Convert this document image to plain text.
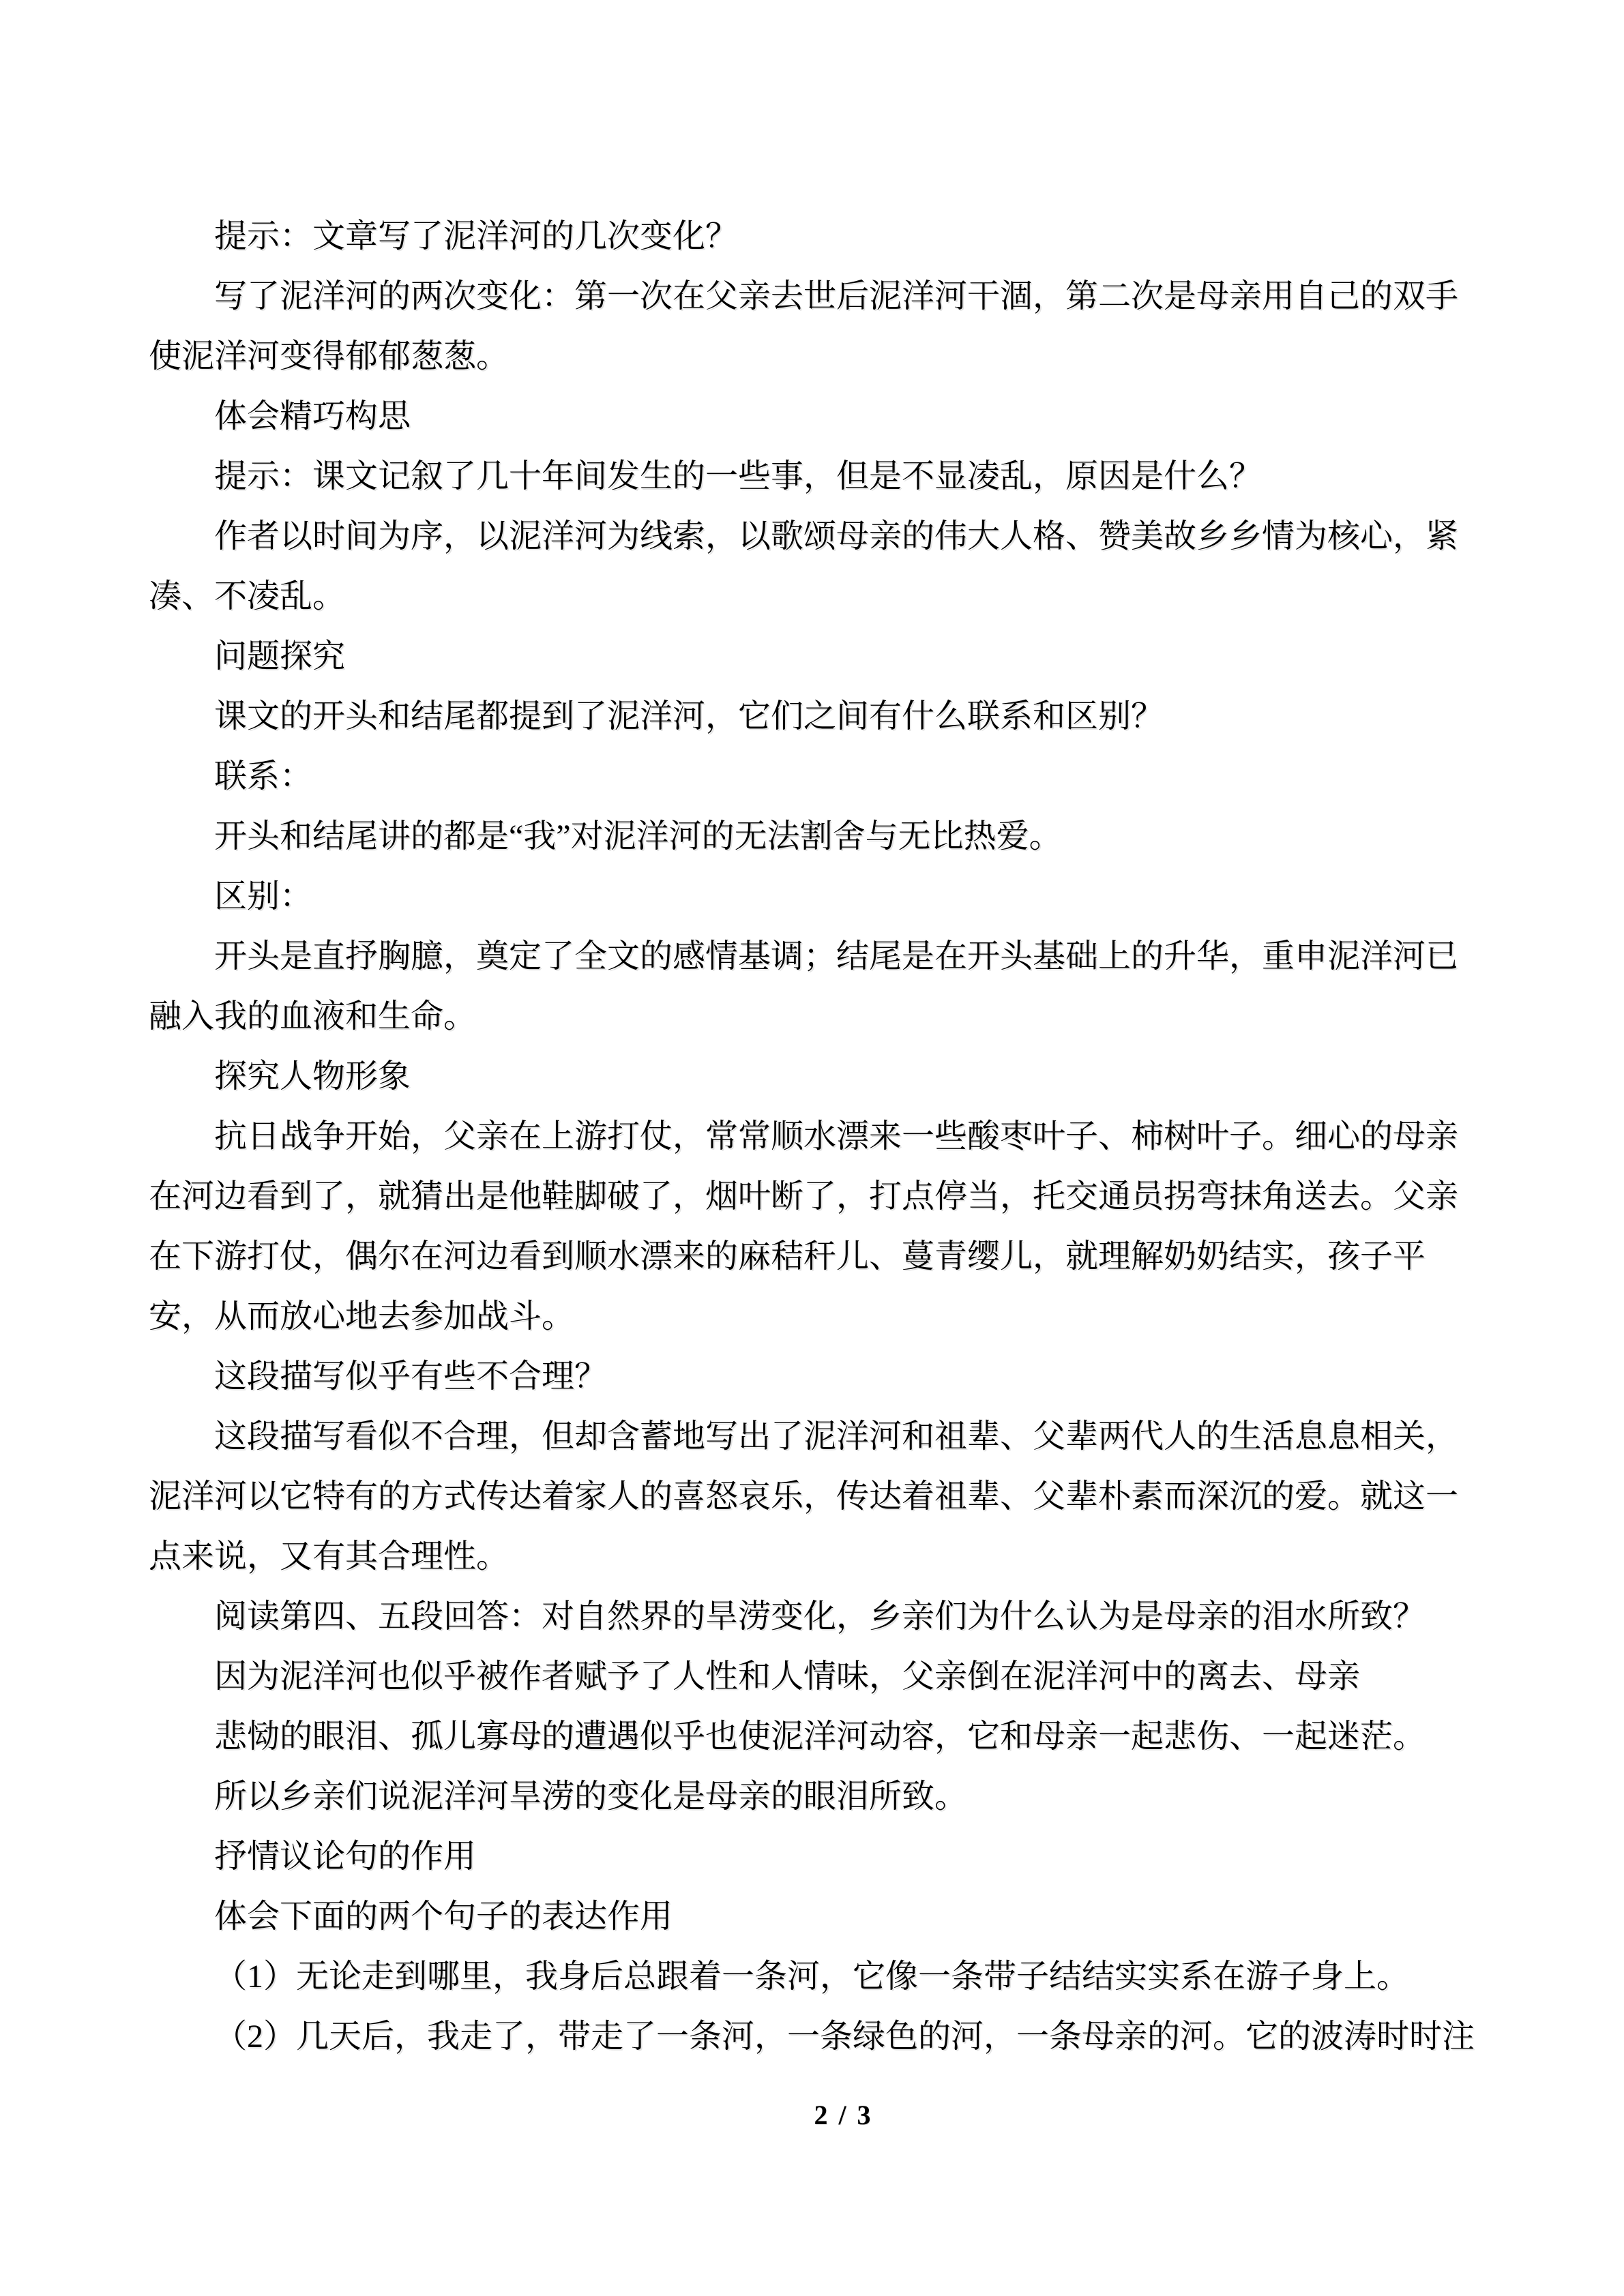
提示：文章写了泥洋河的几次变化？
写了泥洋河的两次变化：第一次在父亲去世后泥洋河干涸，第二次是母亲用自己的双手
使泥洋河变得郁郁葱葱。
体会精巧构思
提示：课文记叙了几十年间发生的一些事，但是不显凌乱，原因是什么？
作者以时间为序，以泥洋河为线索，以歌颂母亲的伟大人格、赞美故乡乡情为核心，紧
凑、不凌乱。
问题探究
课文的开头和结尾都提到了泥洋河，它们之间有什么联系和区别？
联系：
开头和结尾讲的都是“我”对泥洋河的无法割舍与无比热爱。
区别：
开头是直抒胸臆，奠定了全文的感情基调；结尾是在开头基础上的升华，重申泥洋河已
融入我的血液和生命。
探究人物形象
抗日战争开始，父亲在上游打仗，常常顺水漂来一些酸枣叶子、柿树叶子。细心的母亲
在河边看到了，就猜出是他鞋脚破了，烟叶断了，打点停当，托交通员拐弯抹角送去。父亲
在下游打仗，偶尔在河边看到顺水漂来的麻秸秆儿、蔓青缨儿，就理解奶奶结实，孩子平
安，从而放心地去参加战斗。
这段描写似乎有些不合理？
这段描写看似不合理，但却含蓄地写出了泥洋河和祖辈、父辈两代人的生活息息相关，
泥洋河以它特有的方式传达着家人的喜怒哀乐，传达着祖辈、父辈朴素而深沉的爱。就这一
点来说，又有其合理性。
阅读第四、五段回答：对自然界的旱涝变化，乡亲们为什么认为是母亲的泪水所致？
因为泥洋河也似乎被作者赋予了人性和人情味，父亲倒在泥洋河中的离去、母亲
悲恸的眼泪、孤儿寡母的遭遇似乎也使泥洋河动容，它和母亲一起悲伤、一起迷茫。
所以乡亲们说泥洋河旱涝的变化是母亲的眼泪所致。
抒情议论句的作用
体会下面的两个句子的表达作用
（1）无论走到哪里，我身后总跟着一条河，它像一条带子结结实实系在游子身上。
（2）几天后，我走了，带走了一条河，一条绿色的河，一条母亲的河。它的波涛时时注
2 / 3
